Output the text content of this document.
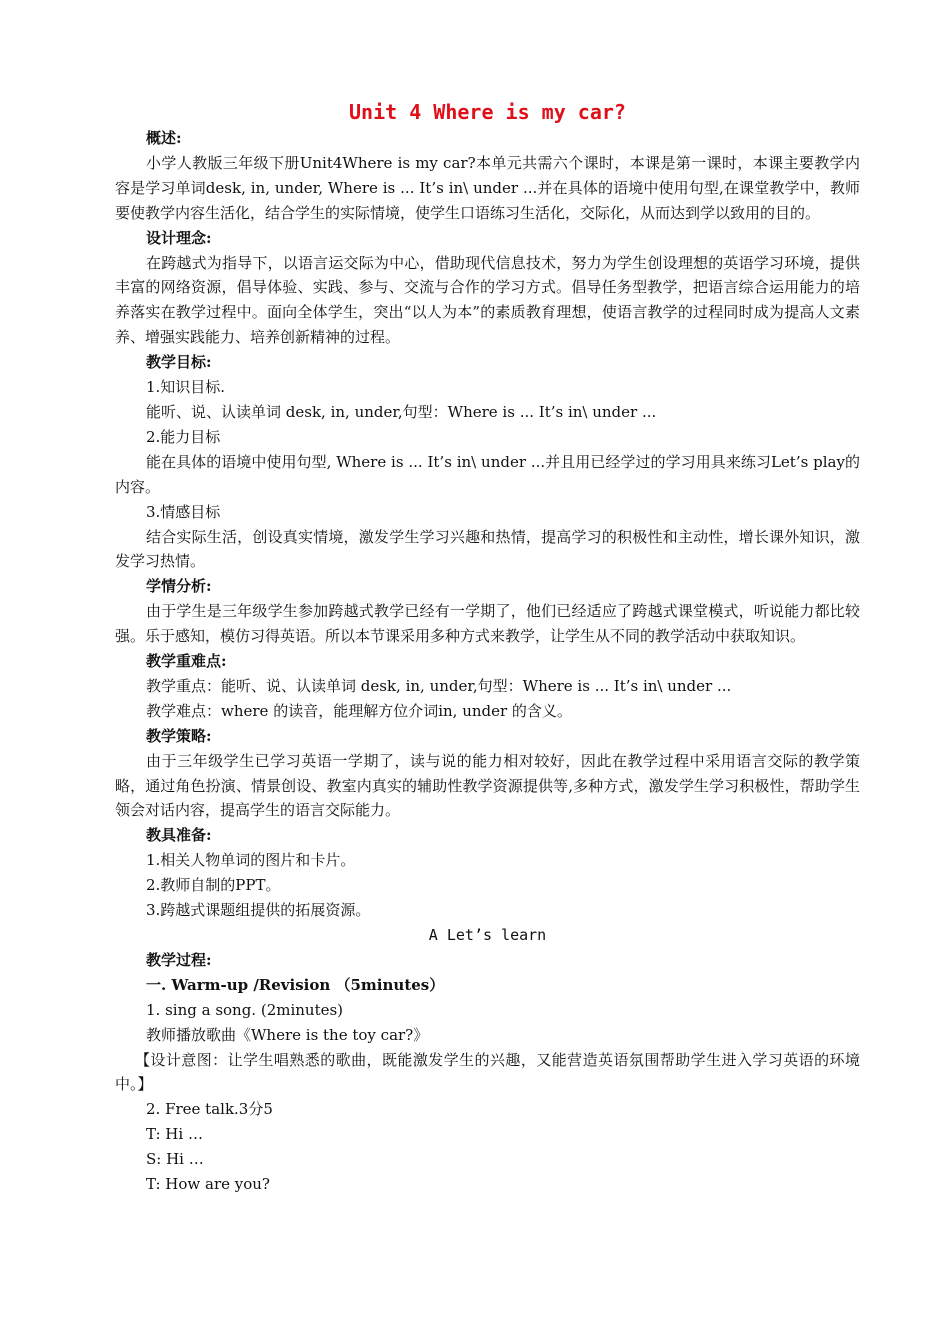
Unit 4 Where is my car?
概述:
小学人教版三年级下册Unit4Where is my car?本单元共需六个课时，本课是第一课时，本课主要教学内容是学习单词desk, in, under, Where is ... It’s in\ under ...并在具体的语境中使用句型,在课堂教学中，教师要使教学内容生活化，结合学生的实际情境，使学生口语练习生活化，交际化，从而达到学以致用的目的。
设计理念:
在跨越式为指导下，以语言运交际为中心，借助现代信息技术，努力为学生创设理想的英语学习环境，提供丰富的网络资源，倡导体验、实践、参与、交流与合作的学习方式。倡导任务型教学，把语言综合运用能力的培养落实在教学过程中。面向全体学生，突出“以人为本”的素质教育理想，使语言教学的过程同时成为提高人文素养、增强实践能力、培养创新精神的过程。
教学目标:
1.知识目标.
能听、说、认读单词 desk, in, under,句型：Where is ... It’s in\ under ...
2.能力目标
能在具体的语境中使用句型, Where is ... It’s in\ under ...并且用已经学过的学习用具来练习Let’s play的内容。
3.情感目标
结合实际生活，创设真实情境，激发学生学习兴趣和热情，提高学习的积极性和主动性，增长课外知识，激发学习热情。
学情分析:
由于学生是三年级学生参加跨越式教学已经有一学期了，他们已经适应了跨越式课堂模式，听说能力都比较强。乐于感知，模仿习得英语。所以本节课采用多种方式来教学，让学生从不同的教学活动中获取知识。
教学重难点:
教学重点：能听、说、认读单词 desk, in, under,句型：Where is ... It’s in\ under ...
教学难点：where 的读音，能理解方位介词in, under 的含义。
教学策略:
由于三年级学生已学习英语一学期了，读与说的能力相对较好，因此在教学过程中采用语言交际的教学策略，通过角色扮演、情景创设、教室内真实的辅助性教学资源提供等,多种方式，激发学生学习积极性，帮助学生领会对话内容，提高学生的语言交际能力。
教具准备:
1.相关人物单词的图片和卡片。
2.教师自制的PPT。
3.跨越式课题组提供的拓展资源。
A Let’s learn
教学过程:
一. Warm-up /Revision （5minutes）
1. sing a song. (2minutes)
教师播放歌曲《Where is the toy car?》
【设计意图：让学生唱熟悉的歌曲，既能激发学生的兴趣，又能营造英语氛围帮助学生进入学习英语的环境中。】
2. Free talk.3分5
T: Hi …
S: Hi …
T: How are you?
